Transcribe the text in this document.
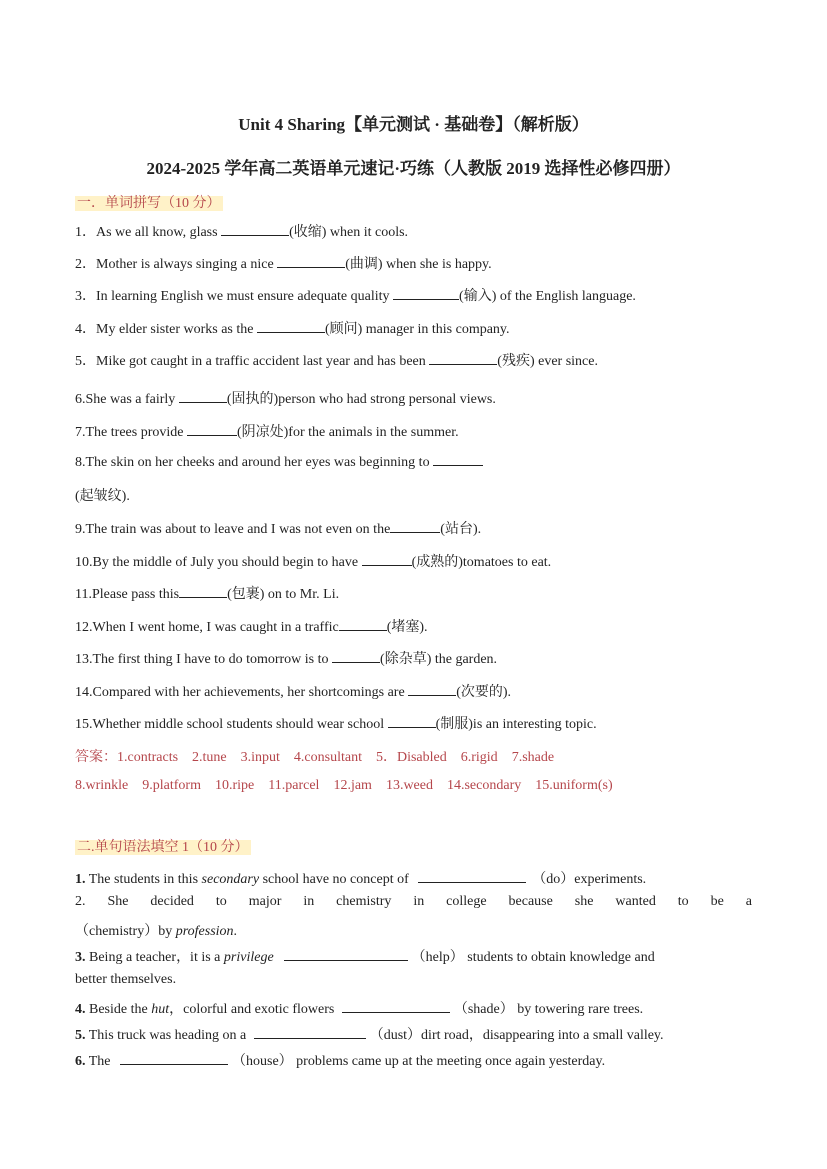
Unit 4 Sharing【单元测试 · 基础卷】（解析版）
2024-2025 学年高二英语单元速记·巧练（人教版 2019 选择性必修四册）
一．单词拼写（10 分）
1．As we all know, glass	(收缩) when it cools.
2．Mother is always singing a nice	(曲调) when she is happy.
3．In learning English we must ensure adequate quality	(输入) of the English language.
4．My elder sister works as the	(顾问) manager in this company.
5．Mike got caught in a traffic accident last year and has been	(残疾) ever since.
6.She was a fairly	(固执的)person who had strong personal views.
7.The trees provide	(阴凉处)for the animals in the summer.
8.The skin on her cheeks and around her eyes was beginning to
(起皱纹).
9.The train was about to leave and I was not even on the	(站台).
10.By the middle of July you should begin to have	(成熟的)tomatoes to eat.
11.Please pass this	(包裹) on to Mr. Li.
12.When I went home, I was caught in a traffic	(堵塞).
13.The first thing I have to do tomorrow is to	(除杂草) the garden.
14.Compared with her achievements, her shortcomings are	(次要的).
15.Whether middle school students should wear school	(制服)is an interesting topic.
答案：1.contracts 2.tune 3.input 4.consultant 5．Disabled 6.rigid 7.shade
8.wrinkle 9.platform 10.ripe 11.parcel 12.jam 13.weed 14.secondary 15.uniform(s)
二.单句语法填空 1（10 分）
1. The students in this secondary school have no concept of	（do）experiments.
2. She decided to major in chemistry in college because she wanted to be a
（chemistry）by profession.
3. Being a teacher，it is a privilege	（help） students to obtain knowledge and
better themselves.
4. Beside the hut，colorful and exotic flowers	（shade） by towering rare trees.
5. This truck was heading on a	（dust）dirt road，disappearing into a small valley.
6. The	（house） problems came up at the meeting once again yesterday.
